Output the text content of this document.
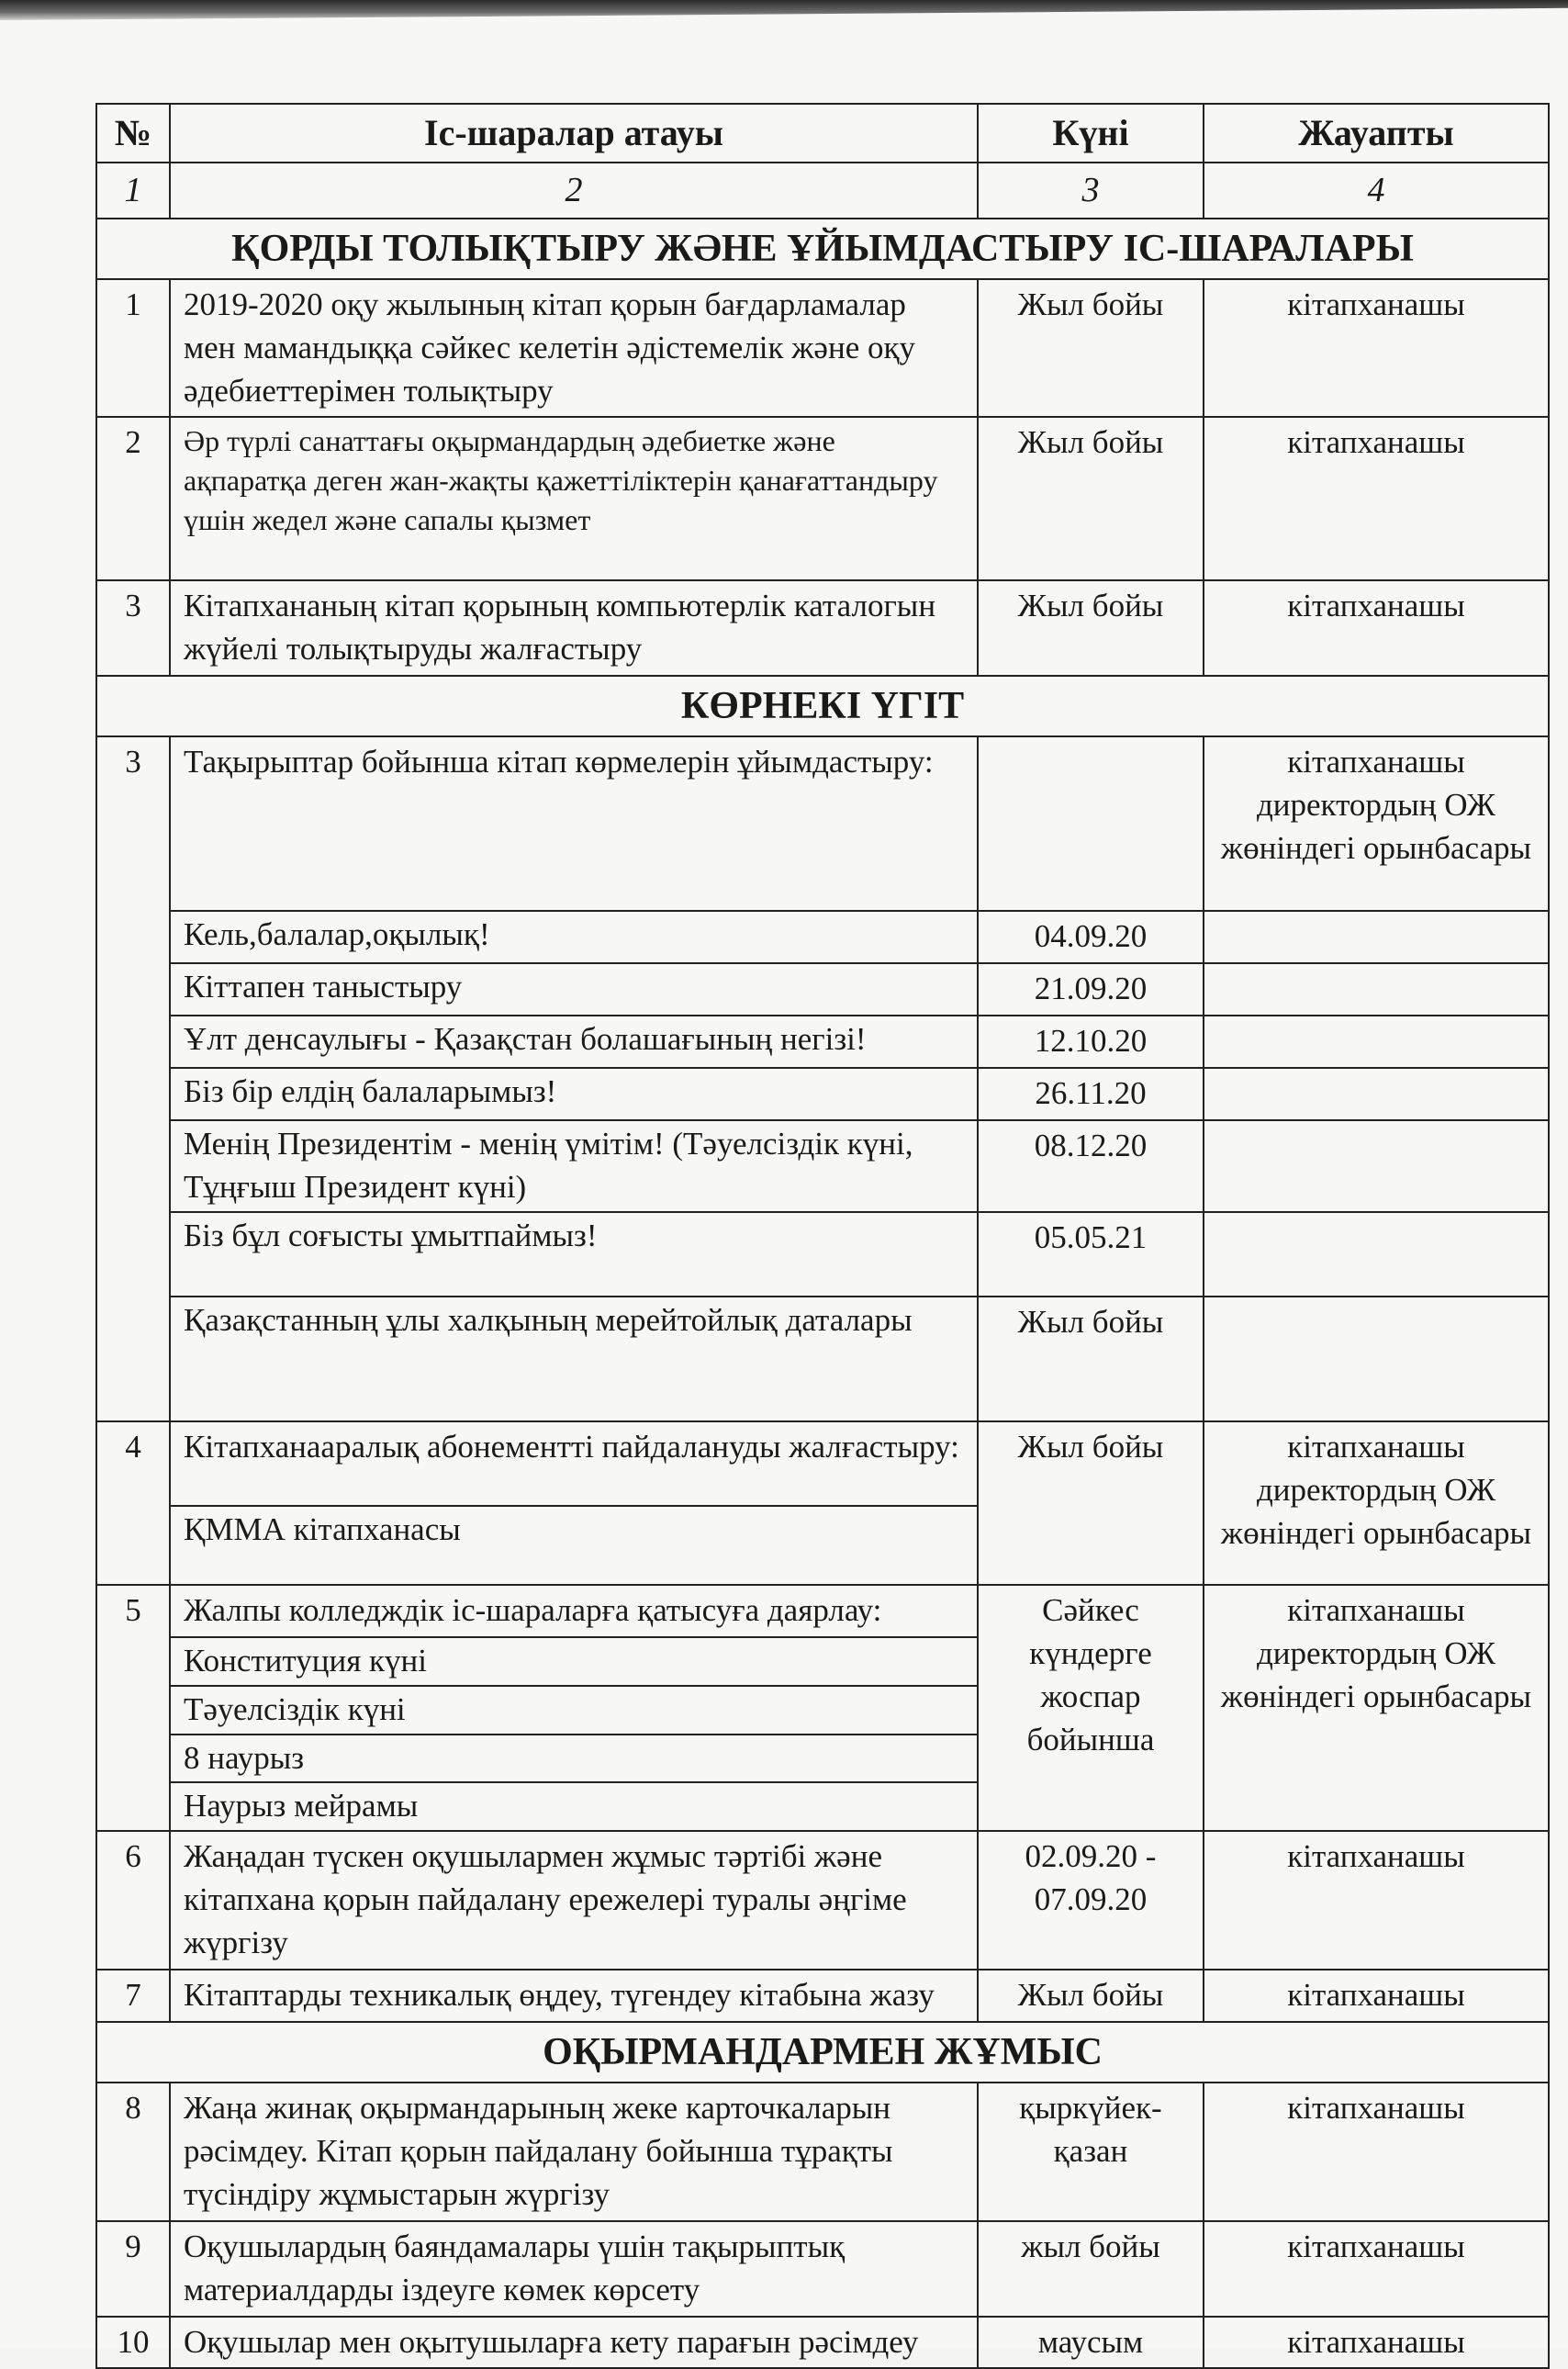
№	Іс-шаралар атауы	Күні	Жауапты
1	2	3	4
ҚОРДЫ ТОЛЫҚТЫРУ ЖӘНЕ ҰЙЫМДАСТЫРУ ІС-ШАРАЛАРЫ			
1	2019-2020 оқу жылының кітап қорын бағдарламалар мен мамандыққа сәйкес келетін әдістемелік және оқу әдебиеттерімен толықтыру	Жыл бойы	кітапханашы
2	Әр түрлі санаттағы оқырмандардың әдебиетке және ақпаратқа деген жан-жақты қажеттіліктерін қанағаттандыру үшін жедел және сапалы қызмет	Жыл бойы	кітапханашы
3	Кітапхананың кітап қорының компьютерлік каталогын жүйелі толықтыруды жалғастыру	Жыл бойы	кітапханашы
КӨРНЕКІ ҮГІТ			
3	Тақырыптар бойынша кітап көрмелерін ұйымдастыру:		кітапханашы директордың ОЖ жөніндегі орынбасары
	Кель,балалар,оқылық!	04.09.20	
	Кіттапен таныстыру	21.09.20	
	Ұлт денсаулығы - Қазақстан болашағының негізі!	12.10.20	
	Біз бір елдің балаларымыз!	26.11.20	
	Менің Президентім - менің үмітім! (Тәуелсіздік күні, Тұңғыш Президент күні)	08.12.20	
	Біз бұл соғысты ұмытпаймыз!	05.05.21	
	Қазақстанның ұлы халқының мерейтойлық даталары	Жыл бойы	
4	Кітапханааралық абонементті пайдалануды жалғастыру:	Жыл бойы	кітапханашы директордың ОЖ жөніндегі орынбасары
	ҚММА кітапханасы		
5	Жалпы колледждік іс-шараларға қатысуға даярлау:	Сәйкес күндерге жоспар бойынша	кітапханашы директордың ОЖ жөніндегі орынбасары
	Конституция күні		
	Тәуелсіздік күні		
	8 наурыз		
	Наурыз мейрамы		
6	Жаңадан түскен оқушылармен жұмыс тәртібі және кітапхана қорын пайдалану ережелері туралы әңгіме жүргізу	02.09.20 - 07.09.20	кітапханашы
7	Кітаптарды техникалық өңдеу, түгендеу кітабына жазу	Жыл бойы	кітапханашы
ОҚЫРМАНДАРМЕН ЖҰМЫС			
8	Жаңа жинақ оқырмандарының жеке карточкаларын рәсімдеу. Кітап қорын пайдалану бойынша тұрақты түсіндіру жұмыстарын жүргізу	қыркүйек-қазан	кітапханашы
9	Оқушылардың баяндамалары үшін тақырыптық материалдарды іздеуге көмек көрсету	жыл бойы	кітапханашы
10	Оқушылар мен оқытушыларға кету парағын рәсімдеу	маусым	кітапханашы
